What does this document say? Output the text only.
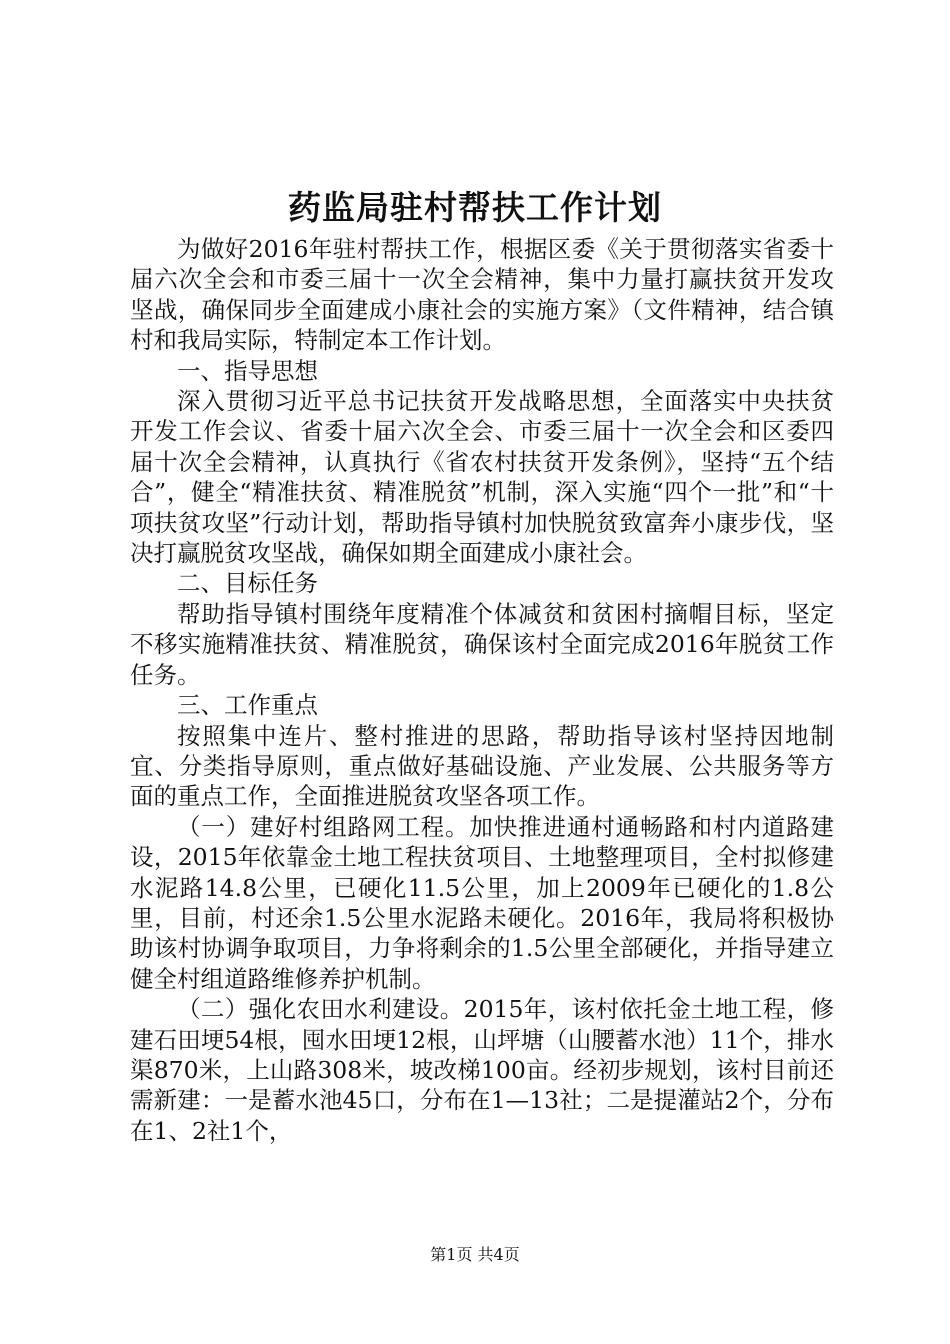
药监局驻村帮扶工作计划

为做好2016年驻村帮扶工作，根据区委《关于贯彻落实省委十届六次全会和市委三届十一次全会精神，集中力量打赢扶贫开发攻坚战，确保同步全面建成小康社会的实施方案》（文件精神，结合镇村和我局实际，特制定本工作计划。

一、指导思想

深入贯彻习近平总书记扶贫开发战略思想，全面落实中央扶贫开发工作会议、省委十届六次全会、市委三届十一次全会和区委四届十次全会精神，认真执行《省农村扶贫开发条例》，坚持“五个结合”，健全“精准扶贫、精准脱贫”机制，深入实施“四个一批”和“十项扶贫攻坚”行动计划，帮助指导镇村加快脱贫致富奔小康步伐，坚决打赢脱贫攻坚战，确保如期全面建成小康社会。

二、目标任务

帮助指导镇村围绕年度精准个体减贫和贫困村摘帽目标，坚定不移实施精准扶贫、精准脱贫，确保该村全面完成2016年脱贫工作任务。

三、工作重点

按照集中连片、整村推进的思路，帮助指导该村坚持因地制宜、分类指导原则，重点做好基础设施、产业发展、公共服务等方面的重点工作，全面推进脱贫攻坚各项工作。

（一）建好村组路网工程。加快推进通村通畅路和村内道路建设，2015年依靠金土地工程扶贫项目、土地整理项目，全村拟修建水泥路14.8公里，已硬化11.5公里，加上2009年已硬化的1.8公里，目前，村还余1.5公里水泥路未硬化。2016年，我局将积极协助该村协调争取项目，力争将剩余的1.5公里全部硬化，并指导建立健全村组道路维修养护机制。

（二）强化农田水利建设。2015年，该村依托金土地工程，修建石田埂54根，囤水田埂12根，山坪塘（山腰蓄水池）11个，排水渠870米，上山路308米，坡改梯100亩。经初步规划，该村目前还需新建：一是蓄水池45口，分布在1—13社；二是提灌站2个，分布在1、2社1个，

第1页 共4页
